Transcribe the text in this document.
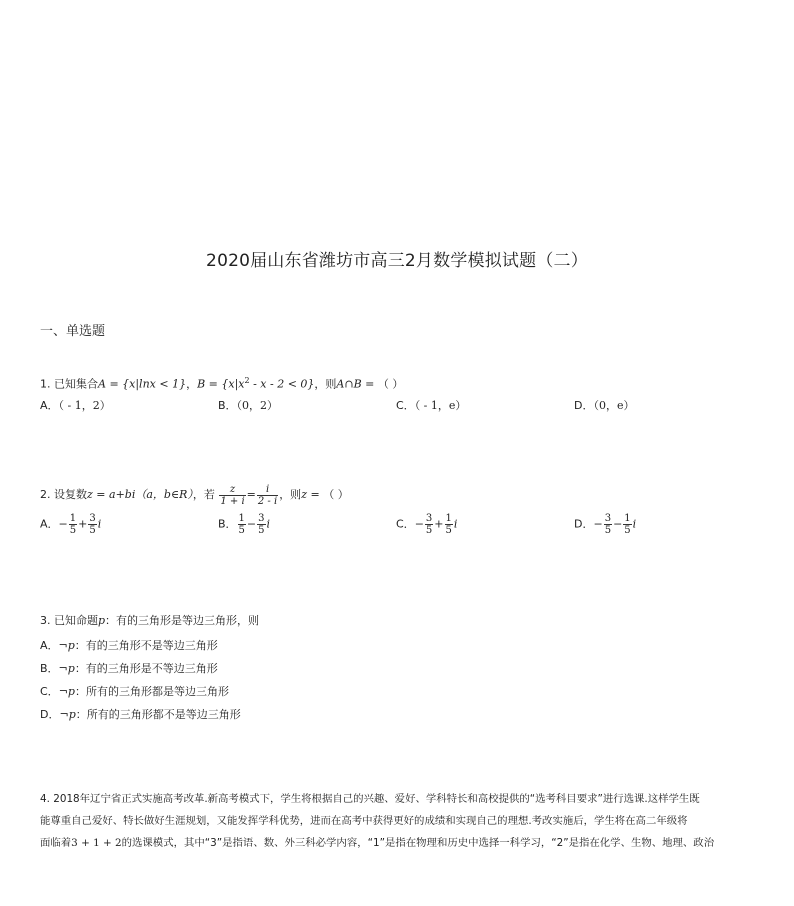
2020届山东省潍坊市高三2月数学模拟试题（二）
一、单选题
1. 已知集合A = {x|lnx < 1}，$B = \{x|x^2 - x - 2 < 0\}$，则A∩B = （ ）
A．（ - 1，2）	B．（0，2）	C．（ - 1，e）	D．（0，e）
2. 设复数z = a+bi（a，b∈R），若 $\frac{z}{1 + i} = \frac{i}{2 - i}$ ，则z = （ ）
A．− $\frac{1}{5} + \frac{3}{5}$ i	B． $\frac{1}{5} - \frac{3}{5}$ i	C．− $\frac{3}{5} + \frac{1}{5}$ i	D．− $\frac{3}{5} - \frac{1}{5}$ i
3. 已知命题p：有的三角形是等边三角形，则
A．¬p：有的三角形不是等边三角形
B．¬p：有的三角形是不等边三角形
C．¬p：所有的三角形都是等边三角形
D．¬p：所有的三角形都不是等边三角形
4. 2018年辽宁省正式实施高考改革.新高考模式下，学生将根据自己的兴趣、爱好、学科特长和高校提供的“选考科目要求”进行选课.这样学生既
能尊重自己爱好、特长做好生涯规划，又能发挥学科优势，进而在高考中获得更好的成绩和实现自己的理想.考改实施后，学生将在高二年级将
面临着3 + 1 + 2的选课模式，其中“3”是指语、数、外三科必学内容，“1”是指在物理和历史中选择一科学习，“2”是指在化学、生物、地理、政治
